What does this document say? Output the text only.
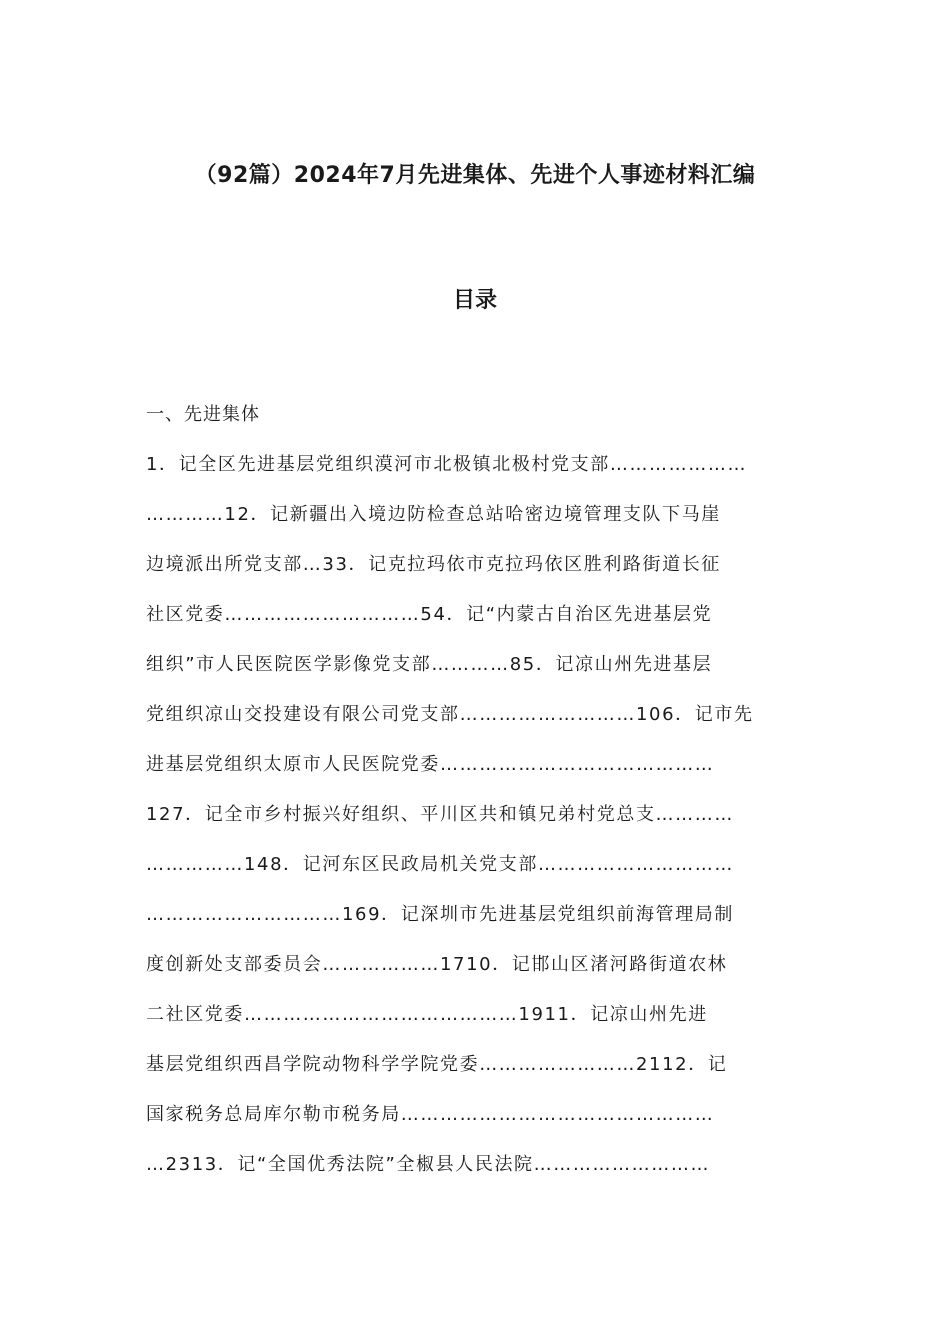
（92篇）2024年7月先进集体、先进个人事迹材料汇编
目录
一、先进集体
1．记全区先进基层党组织漠河市北极镇北极村党支部…………………
…………12．记新疆出入境边防检查总站哈密边境管理支队下马崖
边境派出所党支部…33．记克拉玛依市克拉玛依区胜利路街道长征
社区党委…………………………54．记“内蒙古自治区先进基层党
组织”市人民医院医学影像党支部…………85．记凉山州先进基层
党组织凉山交投建设有限公司党支部………………………106．记市先
进基层党组织太原市人民医院党委……………………………………
127．记全市乡村振兴好组织、平川区共和镇兄弟村党总支…………
……………148．记河东区民政局机关党支部…………………………
…………………………169．记深圳市先进基层党组织前海管理局制
度创新处支部委员会………………1710．记邯山区渚河路街道农林
二社区党委……………………………………1911．记凉山州先进
基层党组织西昌学院动物科学学院党委……………………2112．记
国家税务总局库尔勒市税务局…………………………………………
…2313．记“全国优秀法院”全椒县人民法院………………………
